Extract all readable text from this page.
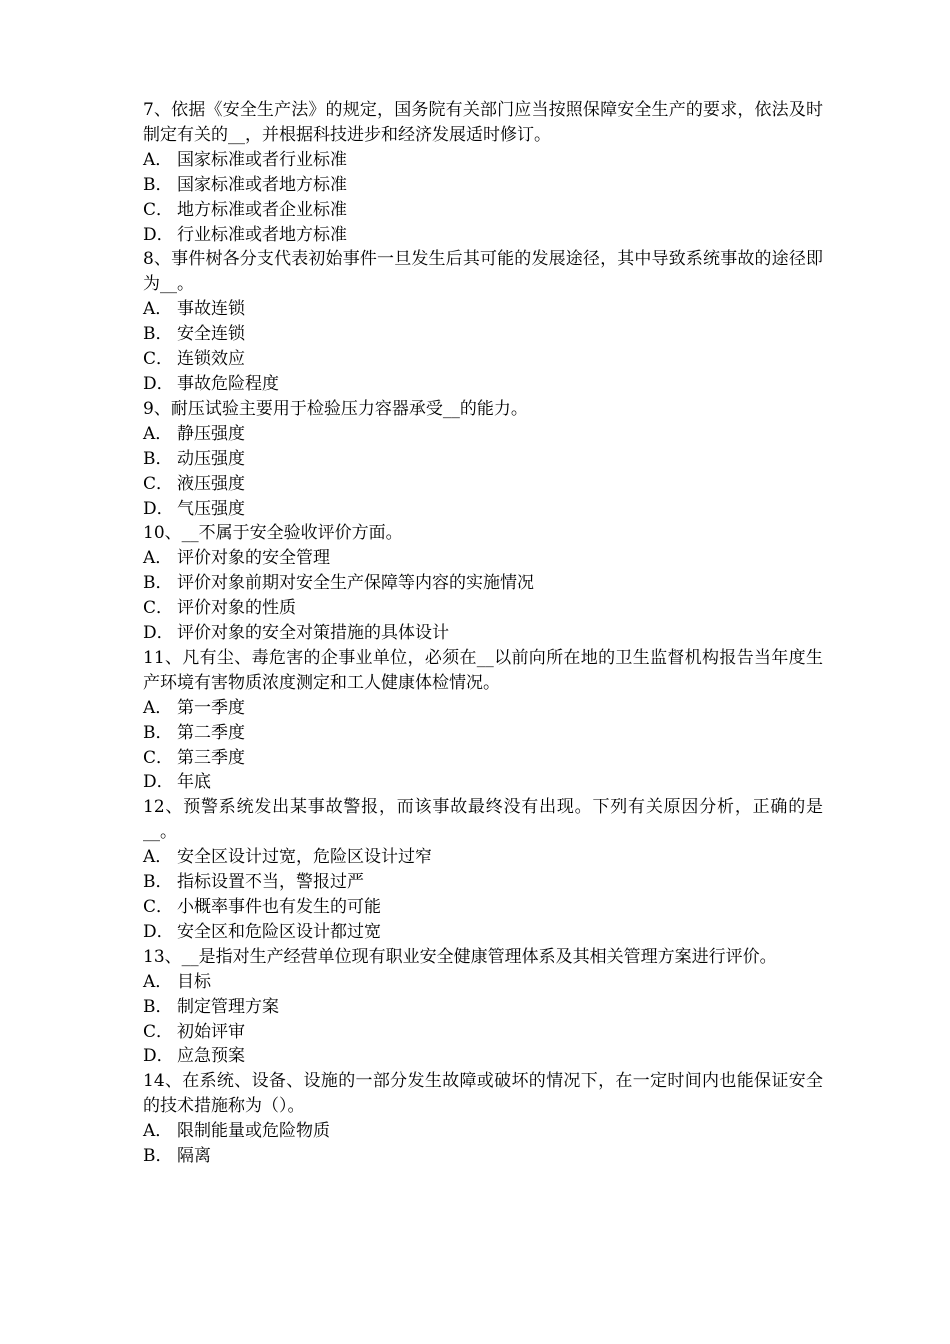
7、依据《安全生产法》的规定，国务院有关部门应当按照保障安全生产的要求，依法及时制定有关的__，并根据科技进步和经济发展适时修订。

A． 国家标准或者行业标准

B． 国家标准或者地方标准

C． 地方标准或者企业标准

D． 行业标准或者地方标准

8、事件树各分支代表初始事件一旦发生后其可能的发展途径，其中导致系统事故的途径即为__。

A． 事故连锁

B． 安全连锁

C． 连锁效应

D． 事故危险程度

9、耐压试验主要用于检验压力容器承受__的能力。

A． 静压强度

B． 动压强度

C． 液压强度

D． 气压强度

10、__不属于安全验收评价方面。

A． 评价对象的安全管理

B． 评价对象前期对安全生产保障等内容的实施情况

C． 评价对象的性质

D． 评价对象的安全对策措施的具体设计

11、凡有尘、毒危害的企事业单位，必须在__以前向所在地的卫生监督机构报告当年度生产环境有害物质浓度测定和工人健康体检情况。

A． 第一季度

B． 第二季度

C． 第三季度

D． 年底

12、预警系统发出某事故警报，而该事故最终没有出现。下列有关原因分析，正确的是__。

A． 安全区设计过宽，危险区设计过窄

B． 指标设置不当，警报过严

C． 小概率事件也有发生的可能

D． 安全区和危险区设计都过宽

13、__是指对生产经营单位现有职业安全健康管理体系及其相关管理方案进行评价。

A． 目标

B． 制定管理方案

C． 初始评审

D． 应急预案

14、在系统、设备、设施的一部分发生故障或破坏的情况下，在一定时间内也能保证安全的技术措施称为（）。

A． 限制能量或危险物质

B． 隔离
